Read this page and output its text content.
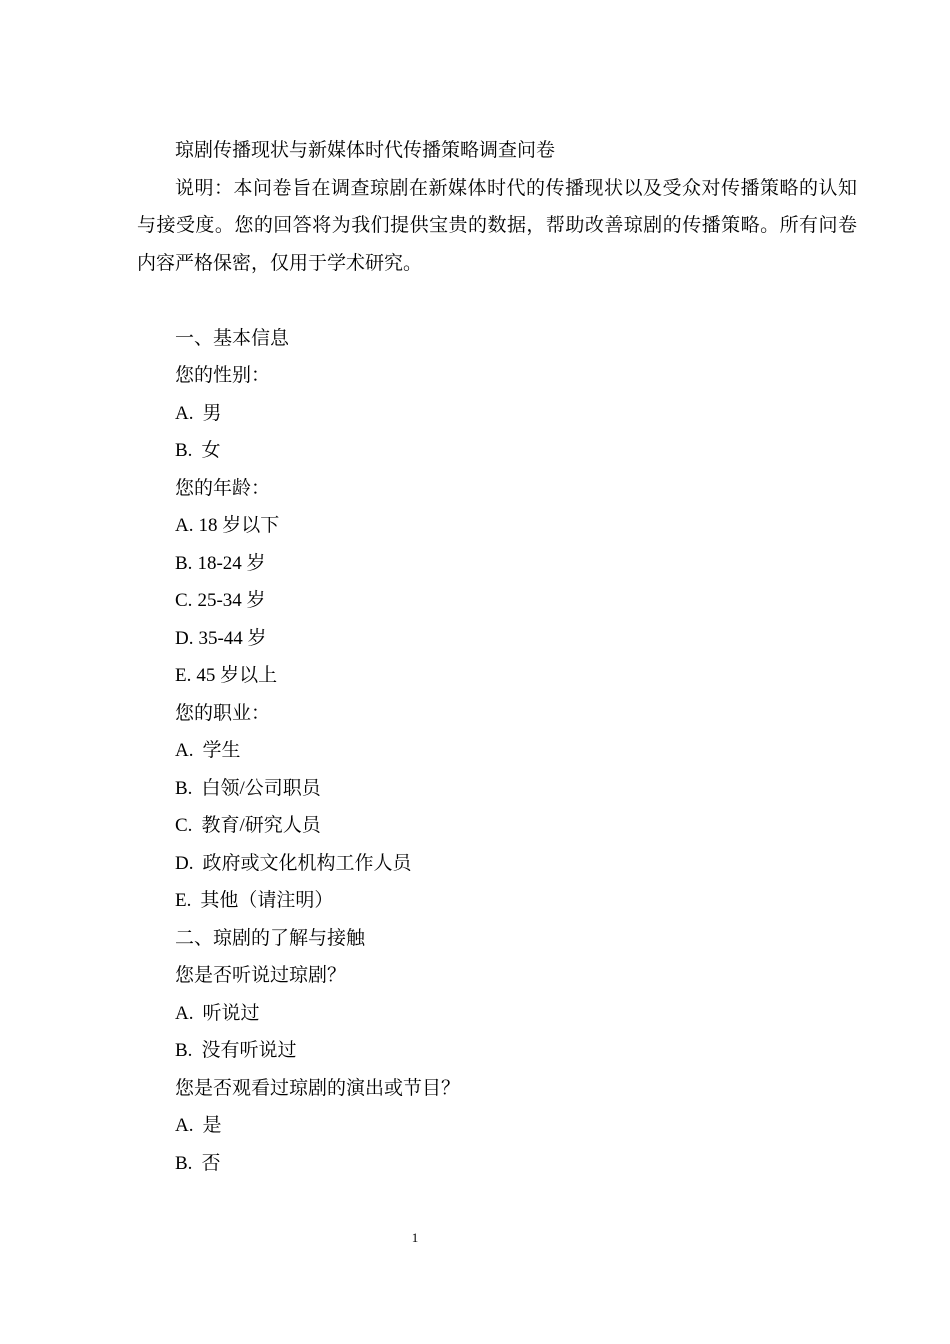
琼剧传播现状与新媒体时代传播策略调查问卷

说明：本问卷旨在调查琼剧在新媒体时代的传播现状以及受众对传播策略的认知

与接受度。您的回答将为我们提供宝贵的数据，帮助改善琼剧的传播策略。所有问卷

内容严格保密，仅用于学术研究。

一、基本信息

您的性别：

A. 男

B. 女

您的年龄：

A. 18 岁以下

B. 18-24 岁

C. 25-34 岁

D. 35-44 岁

E. 45 岁以上

您的职业：

A. 学生

B. 白领/公司职员

C. 教育/研究人员

D. 政府或文化机构工作人员

E. 其他（请注明）

二、琼剧的了解与接触

您是否听说过琼剧？

A. 听说过

B. 没有听说过

您是否观看过琼剧的演出或节目？

A. 是

B. 否

1
